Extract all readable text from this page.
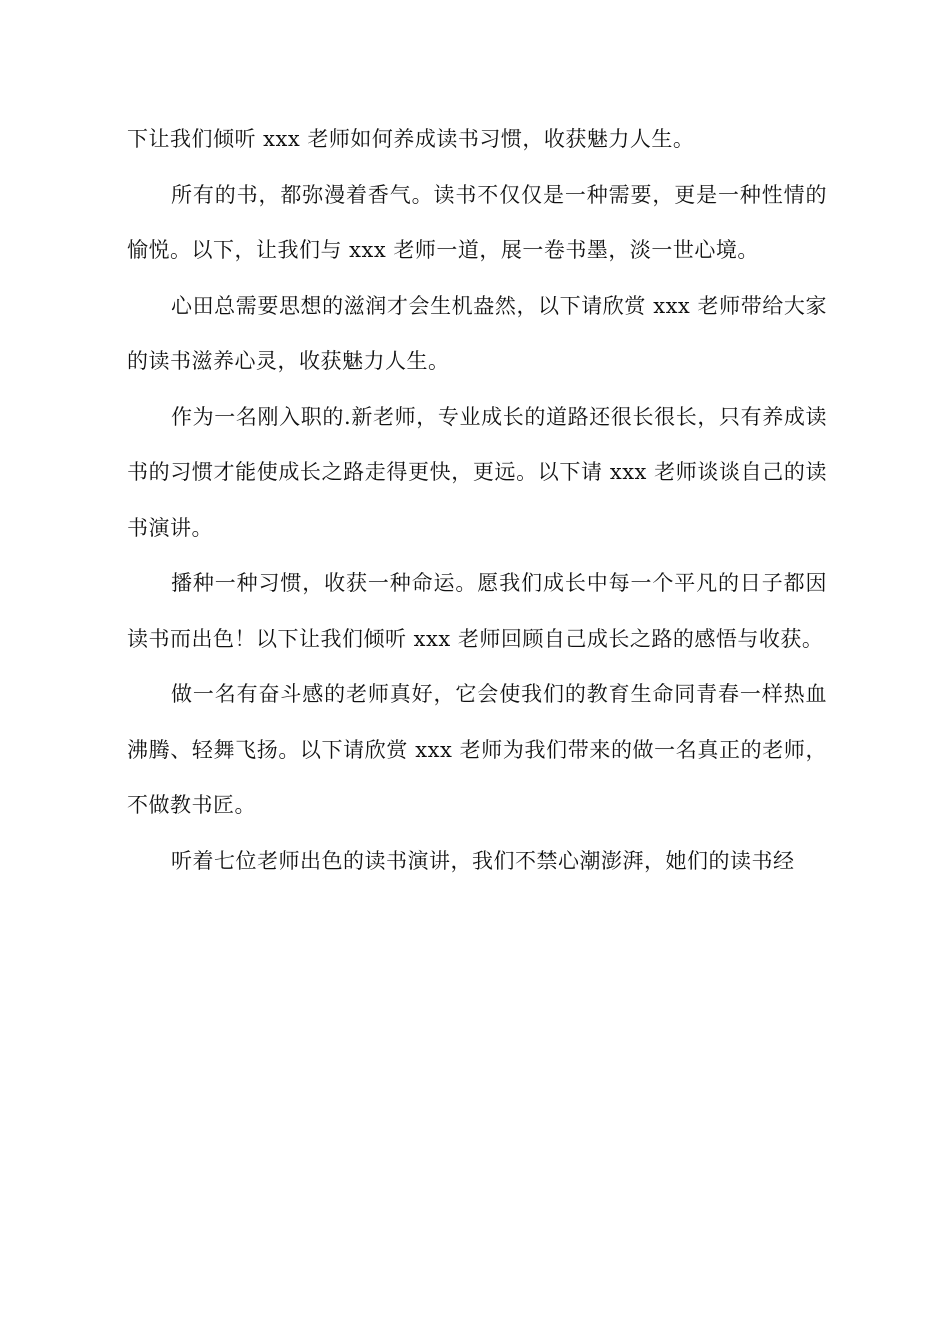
下让我们倾听 xxx 老师如何养成读书习惯，收获魅力人生。

所有的书，都弥漫着香气。读书不仅仅是一种需要，更是一种性情的愉悦。以下，让我们与 xxx 老师一道，展一卷书墨，淡一世心境。

心田总需要思想的滋润才会生机盎然，以下请欣赏 xxx 老师带给大家的读书滋养心灵，收获魅力人生。

作为一名刚入职的.新老师，专业成长的道路还很长很长，只有养成读书的习惯才能使成长之路走得更快，更远。以下请 xxx 老师谈谈自己的读书演讲。

播种一种习惯，收获一种命运。愿我们成长中每一个平凡的日子都因读书而出色！以下让我们倾听 xxx 老师回顾自己成长之路的感悟与收获。

做一名有奋斗感的老师真好，它会使我们的教育生命同青春一样热血沸腾、轻舞飞扬。以下请欣赏 xxx 老师为我们带来的做一名真正的老师，不做教书匠。

听着七位老师出色的读书演讲，我们不禁心潮澎湃，她们的读书经
